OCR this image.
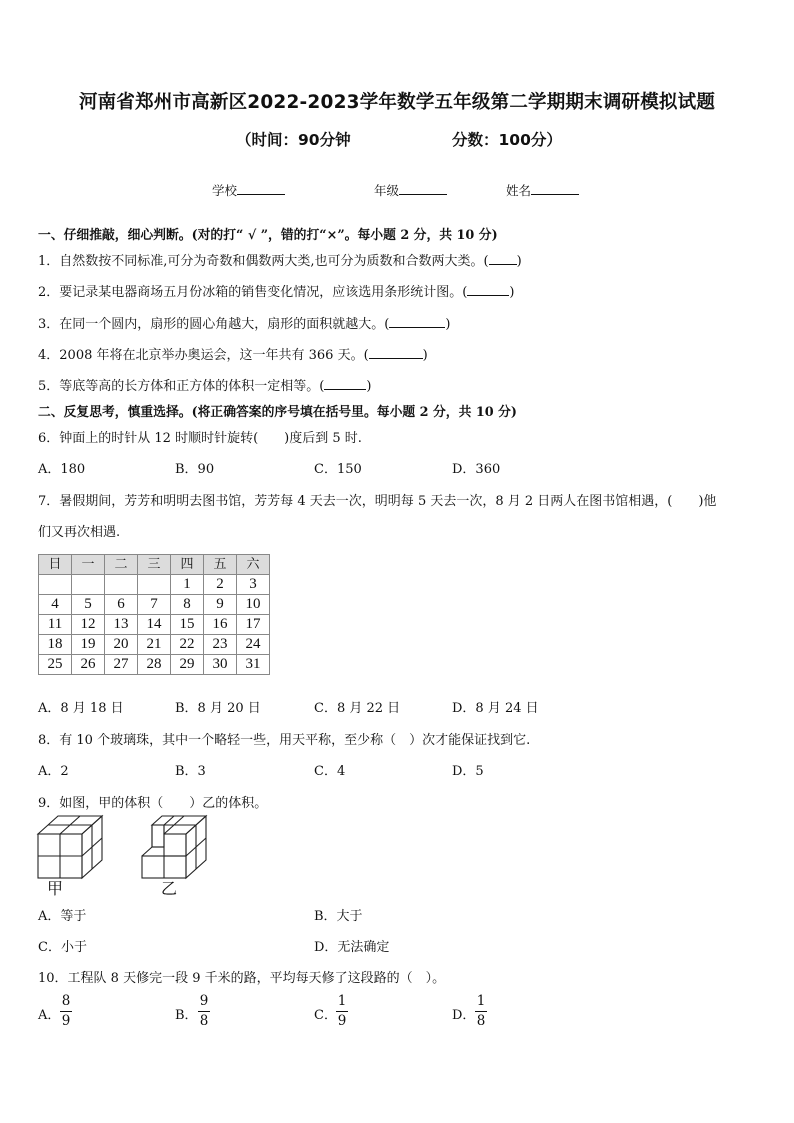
河南省郑州市高新区2022-2023学年数学五年级第二学期期末调研模拟试题
（时间：90分钟	分数：100分）
学校	年级	姓名
一、仔细推敲，细心判断。(对的打“ √ ”，错的打“×”。每小题 2 分，共 10 分)
1．自然数按不同标准,可分为奇数和偶数两大类,也可分为质数和合数两大类。( )
2．要记录某电器商场五月份冰箱的销售变化情况，应该选用条形统计图。(	)
3．在同一个圆内，扇形的圆心角越大，扇形的面积就越大。(	)
4．2008 年将在北京举办奥运会，这一年共有 366 天。(	)
5．等底等高的长方体和正方体的体积一定相等。(	)
二、反复思考，慎重选择。(将正确答案的序号填在括号里。每小题 2 分，共 10 分)
6．钟面上的时针从 12 时顺时针旋转(　　)度后到 5 时.
A．180	B．90	C．150	D．360
7．暑假期间，芳芳和明明去图书馆，芳芳每 4 天去一次，明明每 5 天去一次，8 月 2 日两人在图书馆相遇，(　　)他
们又再次相遇.
日	一	二	三	四	五	六
				1	2	3
4	5	6	7	8	9	10
11	12	13	14	15	16	17
18	19	20	21	22	23	24
25	26	27	28	29	30	31
A．8 月 18 日	B．8 月 20 日	C．8 月 22 日	D．8 月 24 日
8．有 10 个玻璃珠，其中一个略轻一些，用天平称，至少称（　）次才能保证找到它.
A．2	B．3	C．4	D．5
9．如图，甲的体积（　　）乙的体积。
甲	乙
A．等于	B．大于
C．小于	D．无法确定
10．工程队 8 天修完一段 9 千米的路，平均每天修了这段路的（　）。
A．
8
9	B．
9
8	C．
1
9	D．
1
8
